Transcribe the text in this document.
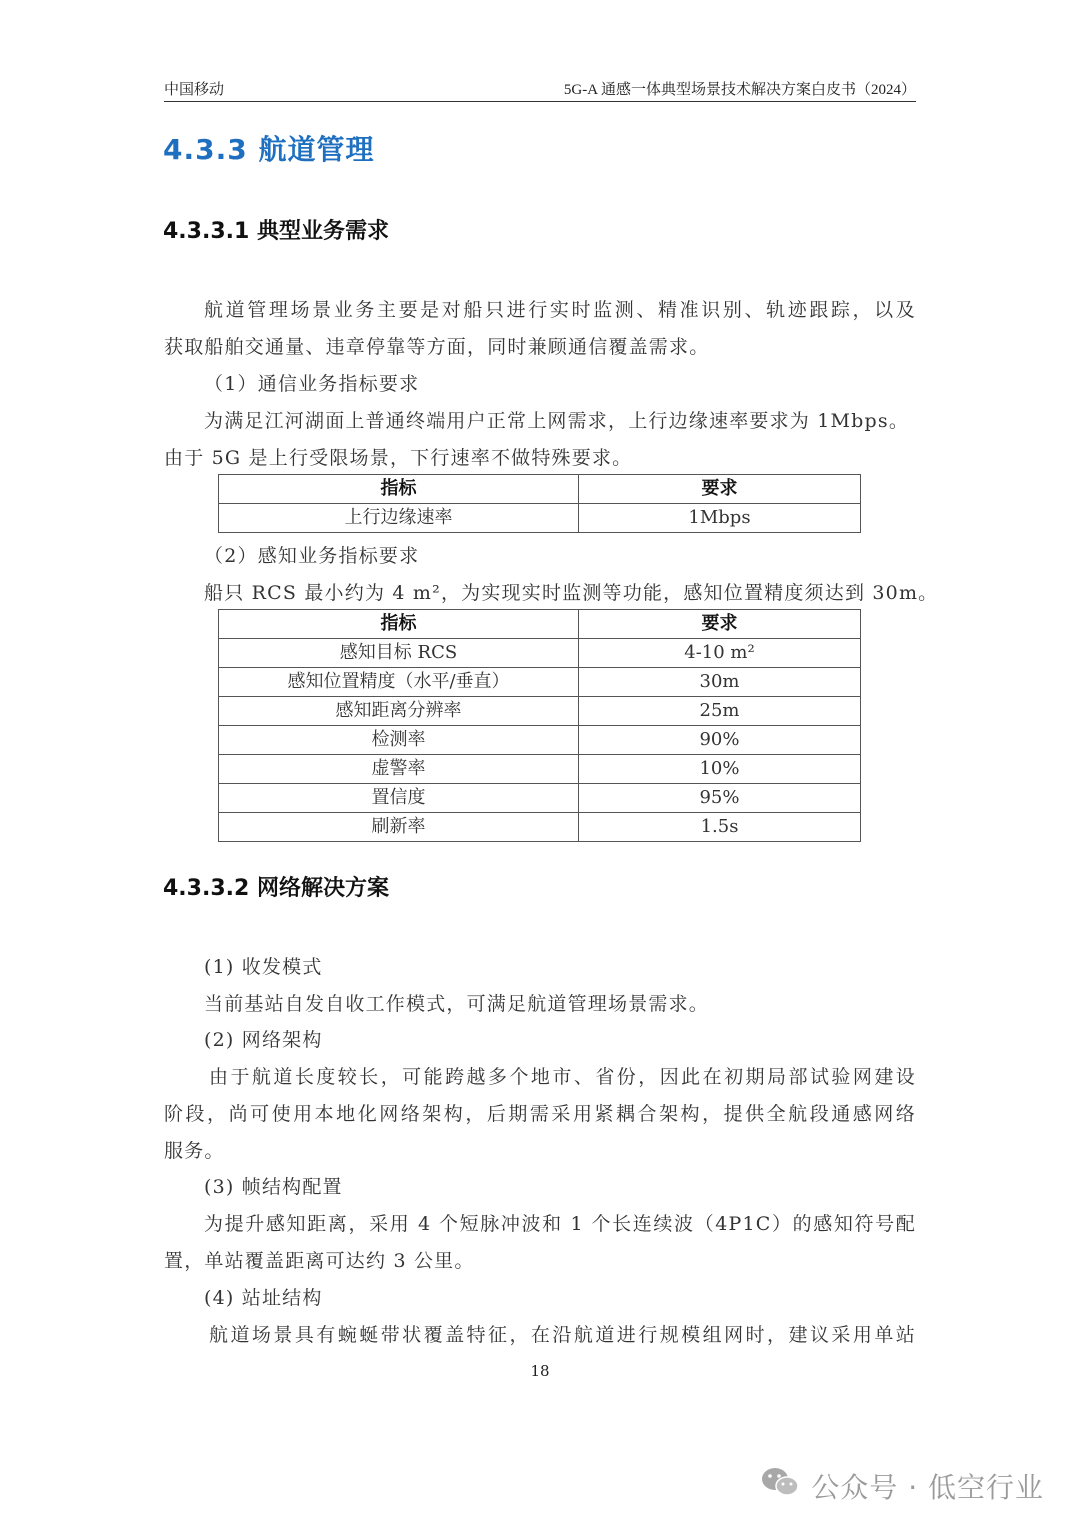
中国移动	5G-A 通感一体典型场景技术解决方案白皮书（2024）
4.3.3 航道管理
4.3.3.1 典型业务需求
航道管理场景业务主要是对船只进行实时监测、精准识别、轨迹跟踪，以及
获取船舶交通量、违章停靠等方面，同时兼顾通信覆盖需求。
（1）通信业务指标要求
为满足江河湖面上普通终端用户正常上网需求，上行边缘速率要求为 1Mbps。
由于 5G 是上行受限场景，下行速率不做特殊要求。
指标	要求
上行边缘速率	1Mbps
（2）感知业务指标要求
船只 RCS 最小约为 4 m²，为实现实时监测等功能，感知位置精度须达到 30m。
指标	要求
感知目标 RCS	4-10 m²
感知位置精度（水平/垂直）	30m
感知距离分辨率	25m
检测率	90%
虚警率	10%
置信度	95%
刷新率	1.5s
4.3.3.2 网络解决方案
(1) 收发模式
当前基站自发自收工作模式，可满足航道管理场景需求。
(2) 网络架构
由于航道长度较长，可能跨越多个地市、省份，因此在初期局部试验网建设
阶段，尚可使用本地化网络架构，后期需采用紧耦合架构，提供全航段通感网络
服务。
(3) 帧结构配置
为提升感知距离，采用 4 个短脉冲波和 1 个长连续波（4P1C）的感知符号配
置，单站覆盖距离可达约 3 公里。
(4) 站址结构
航道场景具有蜿蜒带状覆盖特征，在沿航道进行规模组网时，建议采用单站
18
公众号 · 低空行业
